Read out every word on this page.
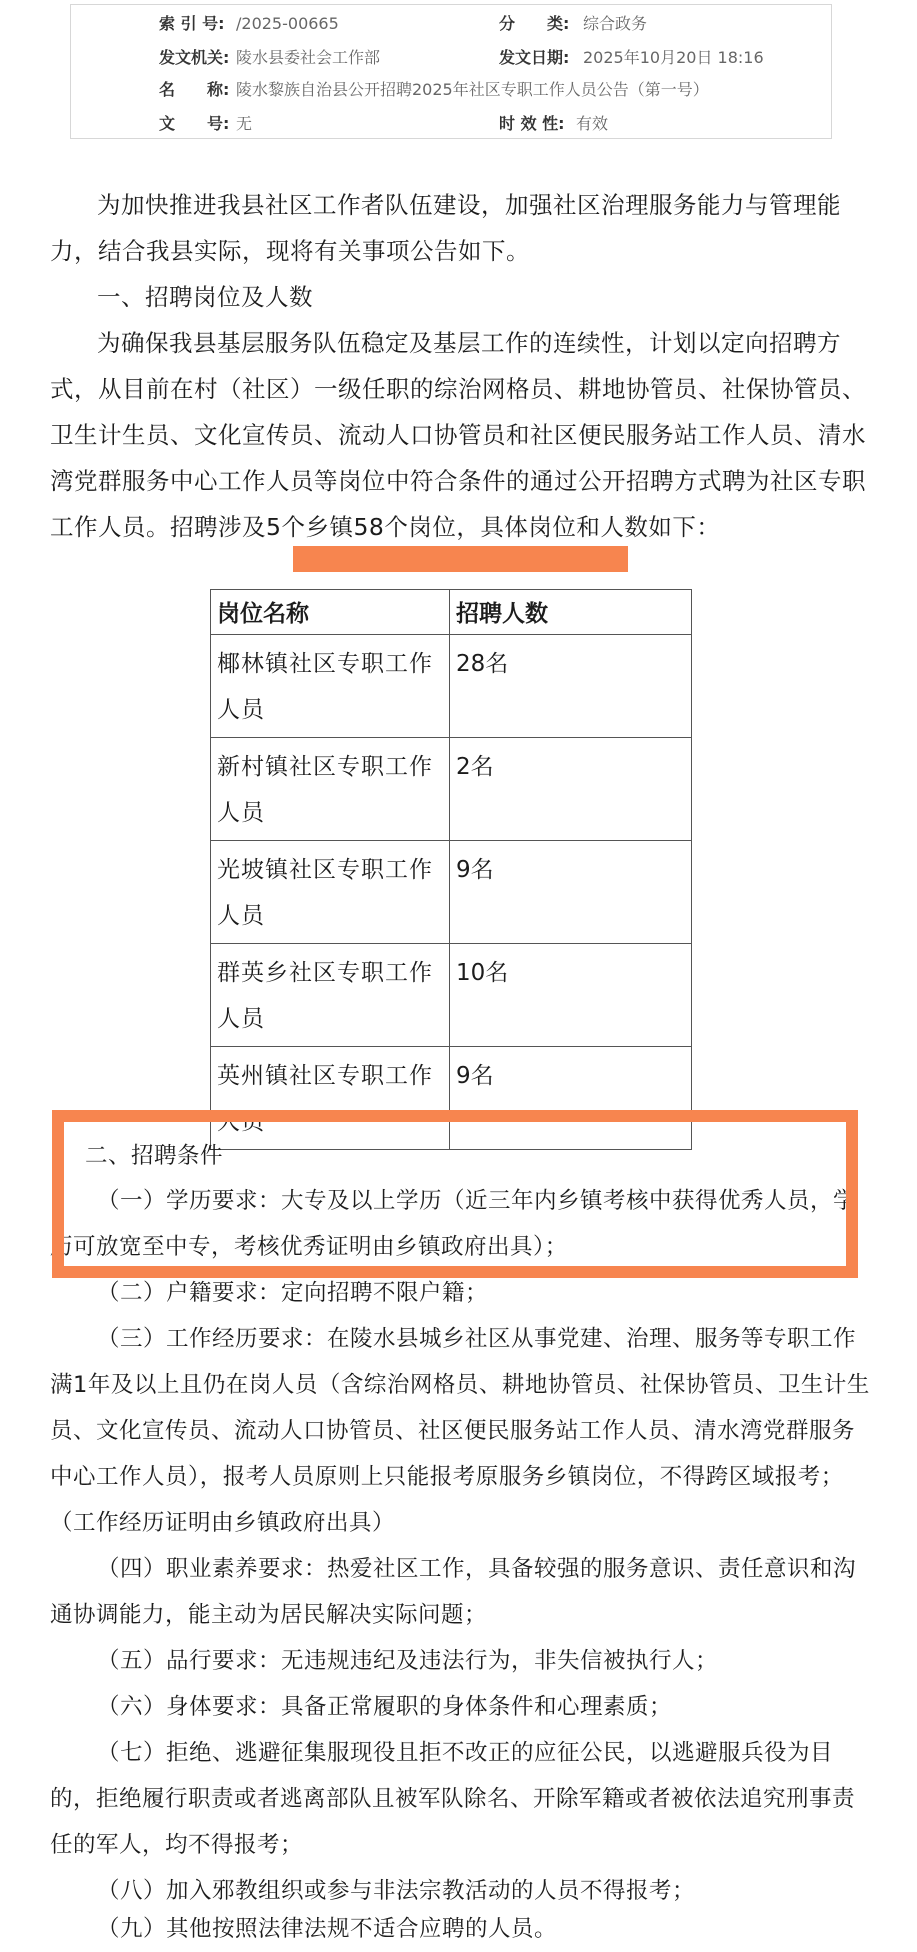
索 引 号: /2025-00665	分　　类: 综合政务
发文机关: 陵水县委社会工作部	发文日期: 2025年10月20日 18:16
名　　称: 陵水黎族自治县公开招聘2025年社区专职工作人员公告（第一号）
文　　号: 无	时 效 性: 有效
为加快推进我县社区工作者队伍建设，加强社区治理服务能力与管理能力，结合我县实际，现将有关事项公告如下。
一、招聘岗位及人数
为确保我县基层服务队伍稳定及基层工作的连续性，计划以定向招聘方式，从目前在村（社区）一级任职的综治网格员、耕地协管员、社保协管员、卫生计生员、文化宣传员、流动人口协管员和社区便民服务站工作人员、清水湾党群服务中心工作人员等岗位中符合条件的通过公开招聘方式聘为社区专职工作人员。招聘涉及5个乡镇58个岗位，具体岗位和人数如下：
岗位名称	招聘人数
椰林镇社区专职工作人员	28名
新村镇社区专职工作人员	2名
光坡镇社区专职工作人员	9名
群英乡社区专职工作人员	10名
英州镇社区专职工作人员	9名
二、招聘条件
（一）学历要求：大专及以上学历（近三年内乡镇考核中获得优秀人员，学历可放宽至中专，考核优秀证明由乡镇政府出具）；
（二）户籍要求：定向招聘不限户籍；
（三）工作经历要求：在陵水县城乡社区从事党建、治理、服务等专职工作满1年及以上且仍在岗人员（含综治网格员、耕地协管员、社保协管员、卫生计生员、文化宣传员、流动人口协管员、社区便民服务站工作人员、清水湾党群服务中心工作人员），报考人员原则上只能报考原服务乡镇岗位，不得跨区域报考；（工作经历证明由乡镇政府出具）
（四）职业素养要求：热爱社区工作，具备较强的服务意识、责任意识和沟通协调能力，能主动为居民解决实际问题；
（五）品行要求：无违规违纪及违法行为，非失信被执行人；
（六）身体要求：具备正常履职的身体条件和心理素质；
（七）拒绝、逃避征集服现役且拒不改正的应征公民，以逃避服兵役为目的，拒绝履行职责或者逃离部队且被军队除名、开除军籍或者被依法追究刑事责任的军人，均不得报考；
（八）加入邪教组织或参与非法宗教活动的人员不得报考；
（九）其他按照法律法规不适合应聘的人员。
